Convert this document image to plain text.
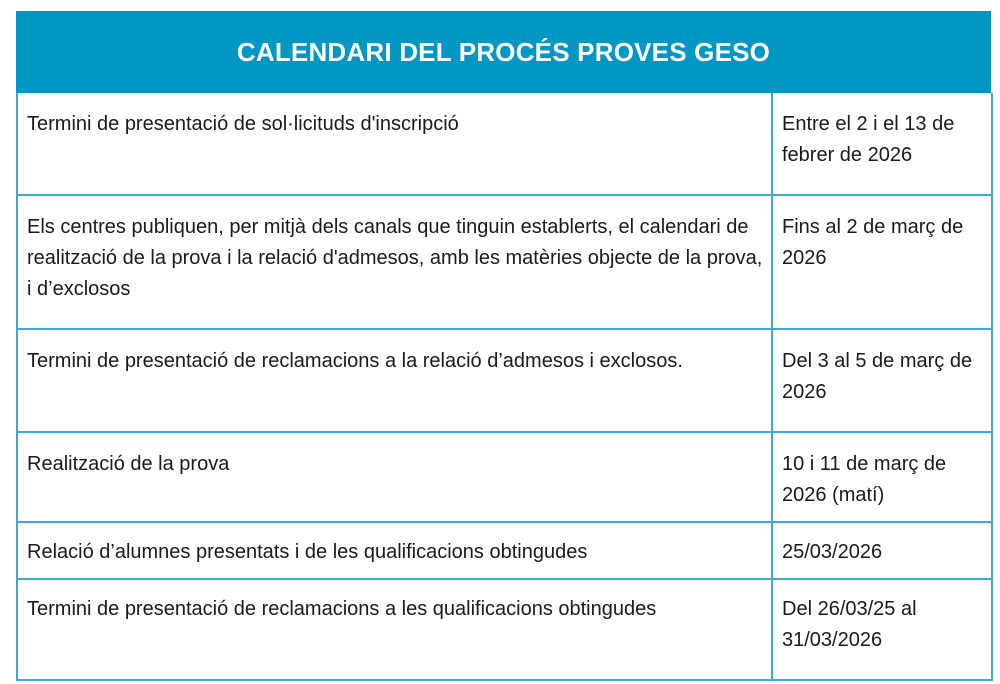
CALENDARI DEL PROCÉS PROVES GESO
Termini de presentació de sol·licituds d'inscripció	Entre el 2 i el 13 de febrer de 2026
Els centres publiquen, per mitjà dels canals que tinguin establerts, el calendari de realització de la prova i la relació d'admesos, amb les matèries objecte de la prova, i d’exclosos	Fins al 2 de març de 2026
Termini de presentació de reclamacions a la relació d’admesos i exclosos.	Del 3 al 5 de març de 2026
Realització de la prova	10 i 11 de març de 2026 (matí)
Relació d’alumnes presentats i de les qualificacions obtingudes	25/03/2026
Termini de presentació de reclamacions a les qualificacions obtingudes	Del 26/03/25 al 31/03/2026
